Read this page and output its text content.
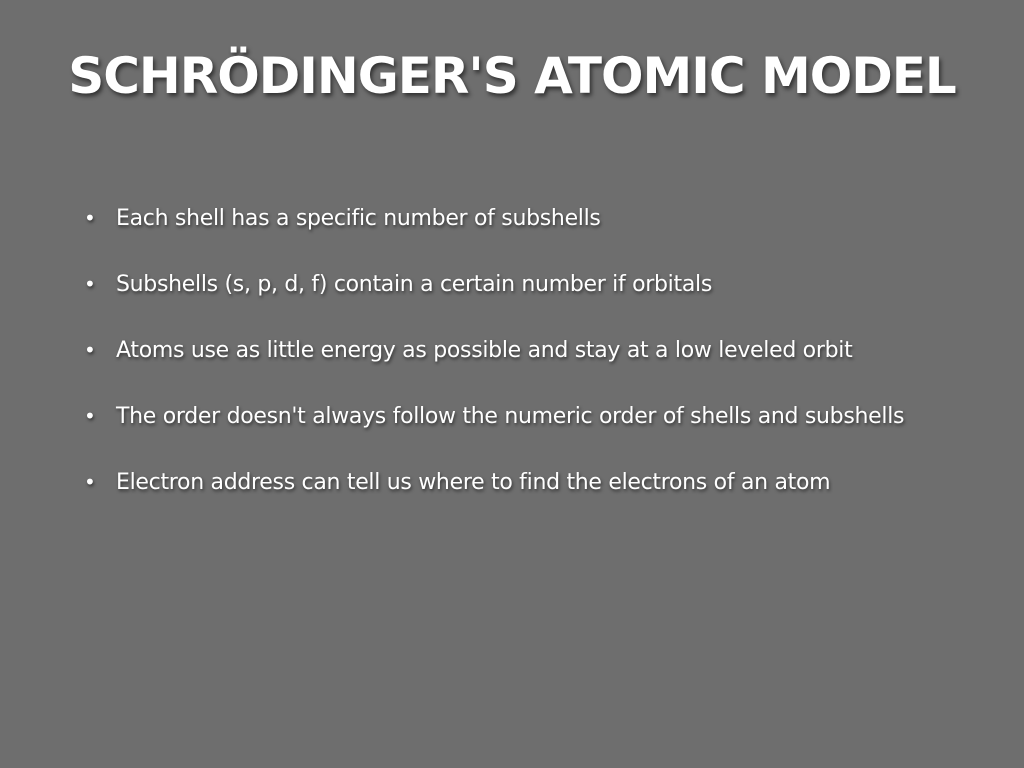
SCHRÖDINGER'S ATOMIC MODEL
• Each shell has a specific number of subshells
• Subshells (s, p, d, f) contain a certain number if orbitals
• Atoms use as little energy as possible and stay at a low leveled orbit
• The order doesn't always follow the numeric order of shells and subshells
• Electron address can tell us where to find the electrons of an atom
